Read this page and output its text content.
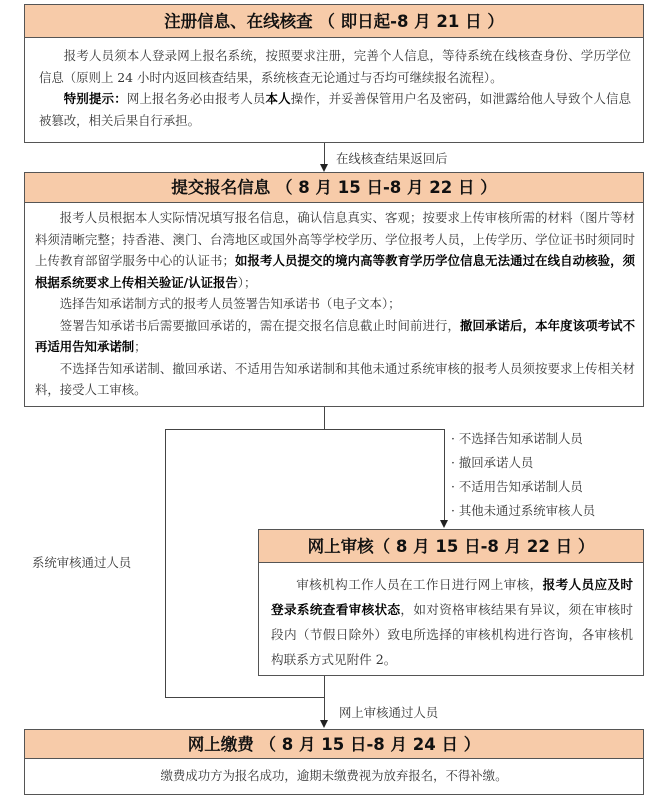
注册信息、在线核查 （ 即日起-8 月 21 日 ）

报考人员须本人登录网上报名系统，按照要求注册，完善个人信息，等待系统在线核查身份、学历学位信息（原则上 24 小时内返回核查结果，系统核查无论通过与否均可继续报名流程）。

特别提示：网上报名务必由报考人员本人操作，并妥善保管用户名及密码，如泄露给他人导致个人信息被篡改，相关后果自行承担。

在线核查结果返回后
提交报名信息 （ 8 月 15 日-8 月 22 日 ）

报考人员根据本人实际情况填写报名信息，确认信息真实、客观；按要求上传审核所需的材料（图片等材料须清晰完整；持香港、澳门、台湾地区或国外高等学校学历、学位报考人员，上传学历、学位证书时须同时上传教育部留学服务中心的认证书；如报考人员提交的境内高等教育学历学位信息无法通过在线自动核验，须根据系统要求上传相关验证/认证报告）；

选择告知承诺制方式的报考人员签署告知承诺书（电子文本）；

签署告知承诺书后需要撤回承诺的，需在提交报名信息截止时间前进行，撤回承诺后，本年度该项考试不再适用告知承诺制；

不选择告知承诺制、撤回承诺、不适用告知承诺制和其他未通过系统审核的报考人员须按要求上传相关材料，接受人工审核。

系统审核通过人员
· 不选择告知承诺制人员
· 撤回承诺人员
· 不适用告知承诺制人员
· 其他未通过系统审核人员
网上审核（ 8 月 15 日-8 月 22 日 ）

审核机构工作人员在工作日进行网上审核，报考人员应及时登录系统查看审核状态，如对资格审核结果有异议，须在审核时段内（节假日除外）致电所选择的审核机构进行咨询，各审核机构联系方式见附件 2。

网上审核通过人员
网上缴费 （ 8 月 15 日-8 月 24 日 ）
缴费成功方为报名成功，逾期未缴费视为放弃报名，不得补缴。
